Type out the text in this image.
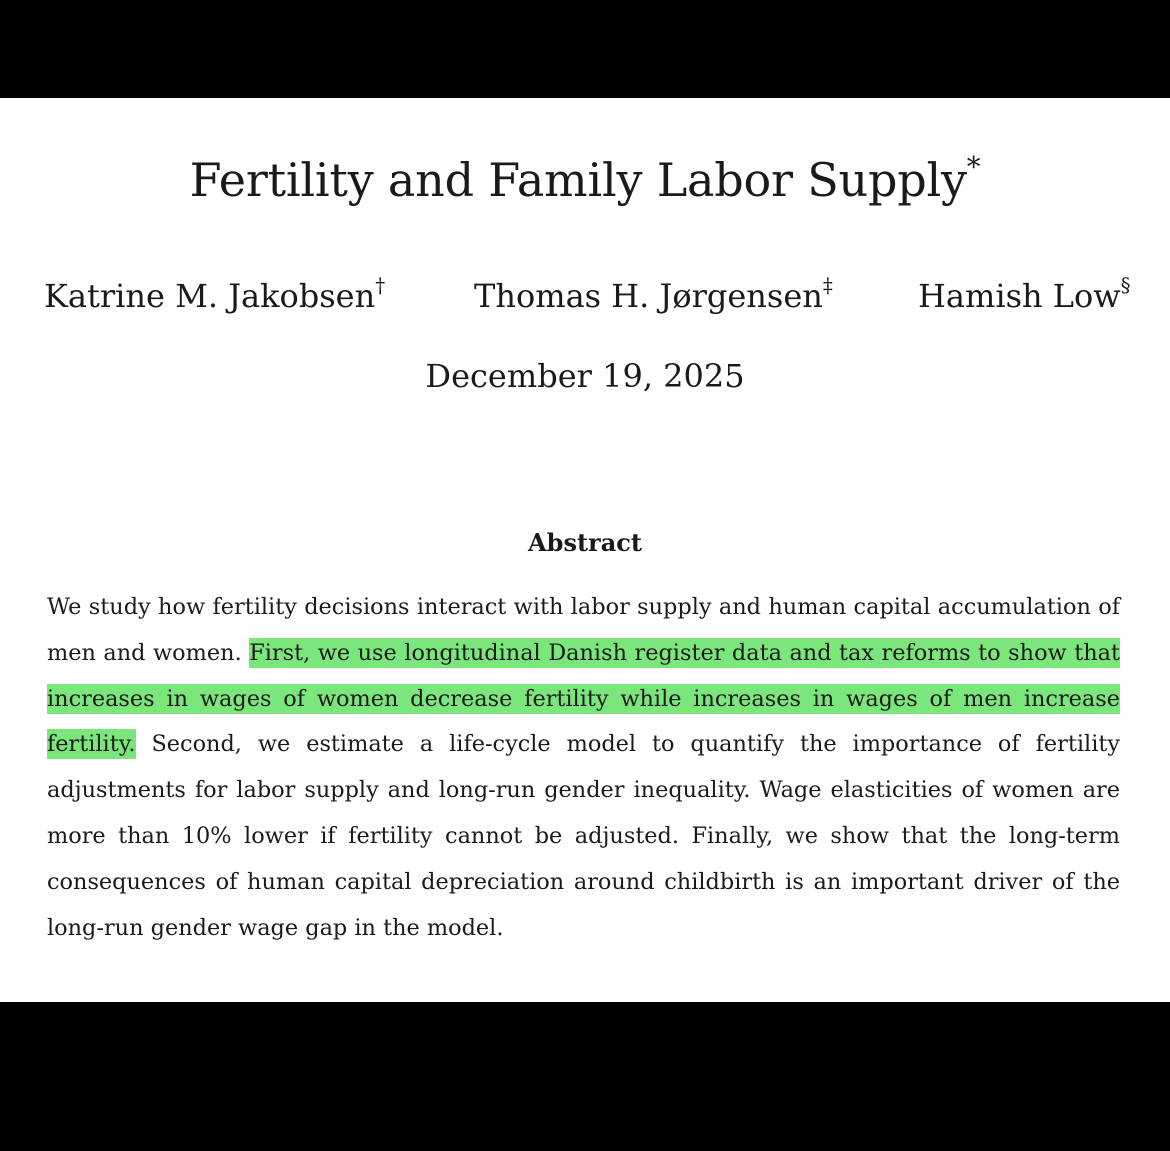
Fertility and Family Labor Supply*
Katrine M. Jakobsen†	Thomas H. Jørgensen‡	Hamish Low§
December 19, 2025
Abstract

We study how fertility decisions interact with labor supply and human capital accumulation of men and women. First, we use longitudinal Danish register data and tax reforms to show that increases in wages of women decrease fertility while increases in wages of men increase fertility. Second, we estimate a life-cycle model to quantify the importance of fertility adjustments for labor supply and long-run gender inequality. Wage elasticities of women are more than 10% lower if fertility cannot be adjusted. Finally, we show that the long-term consequences of human capital depreciation around childbirth is an important driver of the long-run gender wage gap in the model.
